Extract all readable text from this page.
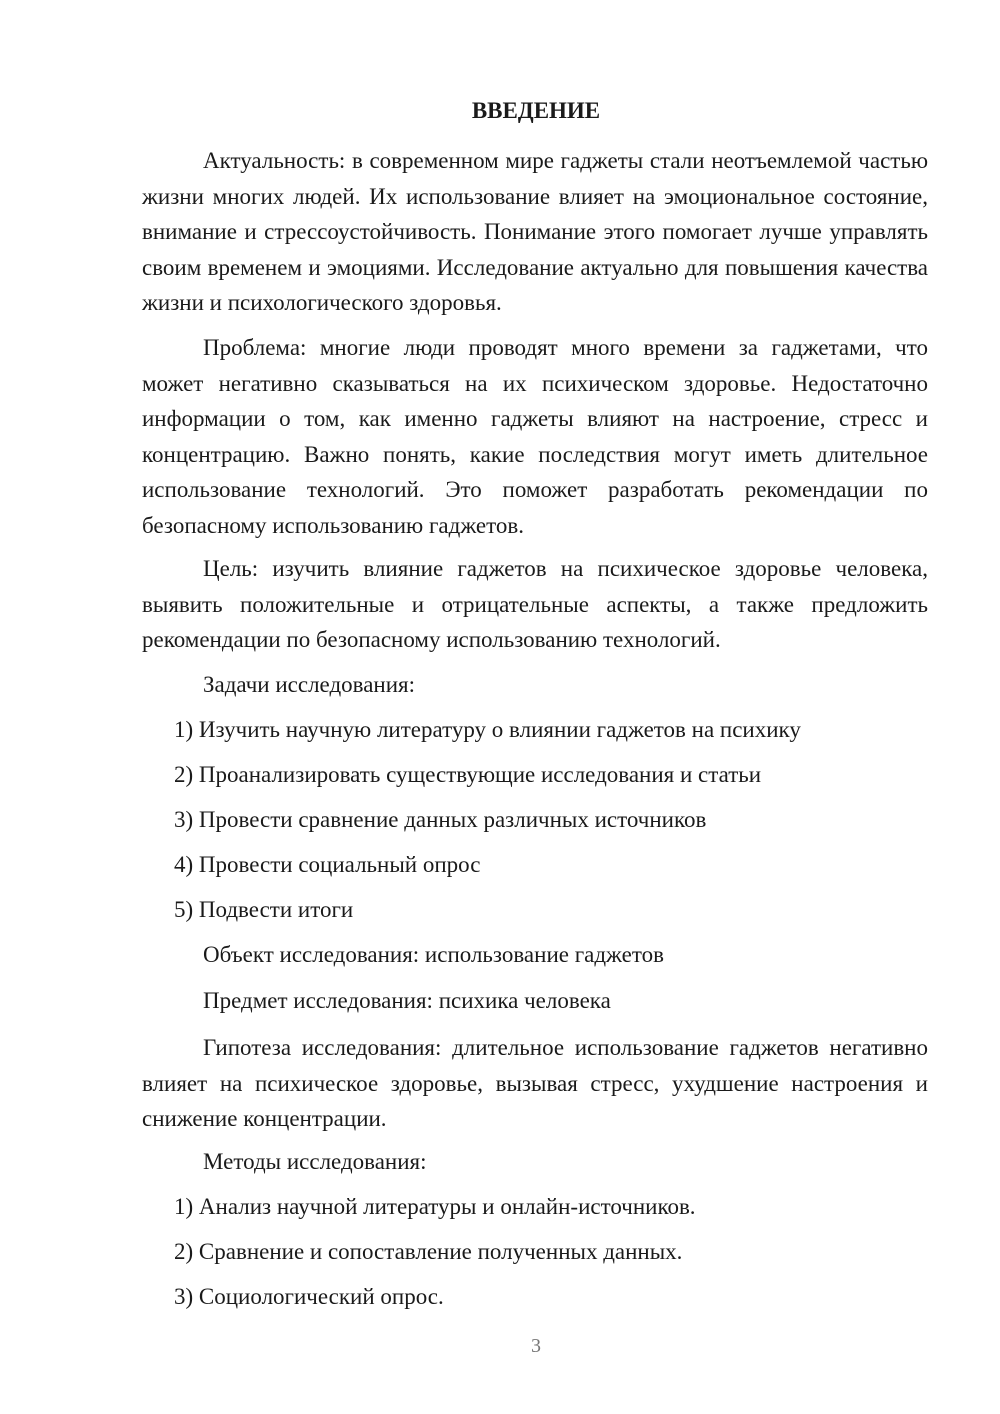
ВВЕДЕНИЕ

Актуальность: в современном мире гаджеты стали неотъемлемой частью жизни многих людей. Их использование влияет на эмоциональное состояние, внимание и стрессоустойчивость. Понимание этого помогает лучше управлять своим временем и эмоциями. Исследование актуально для повышения качества жизни и психологического здоровья.

Проблема: многие люди проводят много времени за гаджетами, что может негативно сказываться на их психическом здоровье. Недостаточно информации о том, как именно гаджеты влияют на настроение, стресс и концентрацию. Важно понять, какие последствия могут иметь длительное использование технологий. Это поможет разработать рекомендации по безопасному использованию гаджетов.

Цель: изучить влияние гаджетов на психическое здоровье человека, выявить положительные и отрицательные аспекты, а также предложить рекомендации по безопасному использованию технологий.

Задачи исследования:
1) Изучить научную литературу о влиянии гаджетов на психику
2) Проанализировать существующие исследования и статьи
3) Провести сравнение данных различных источников
4) Провести социальный опрос
5) Подвести итоги
Объект исследования: использование гаджетов
Предмет исследования: психика человека

Гипотеза исследования: длительное использование гаджетов негативно влияет на психическое здоровье, вызывая стресс, ухудшение настроения и снижение концентрации.

Методы исследования:
1) Анализ научной литературы и онлайн-источников.
2) Сравнение и сопоставление полученных данных.
3) Социологический опрос.
3
